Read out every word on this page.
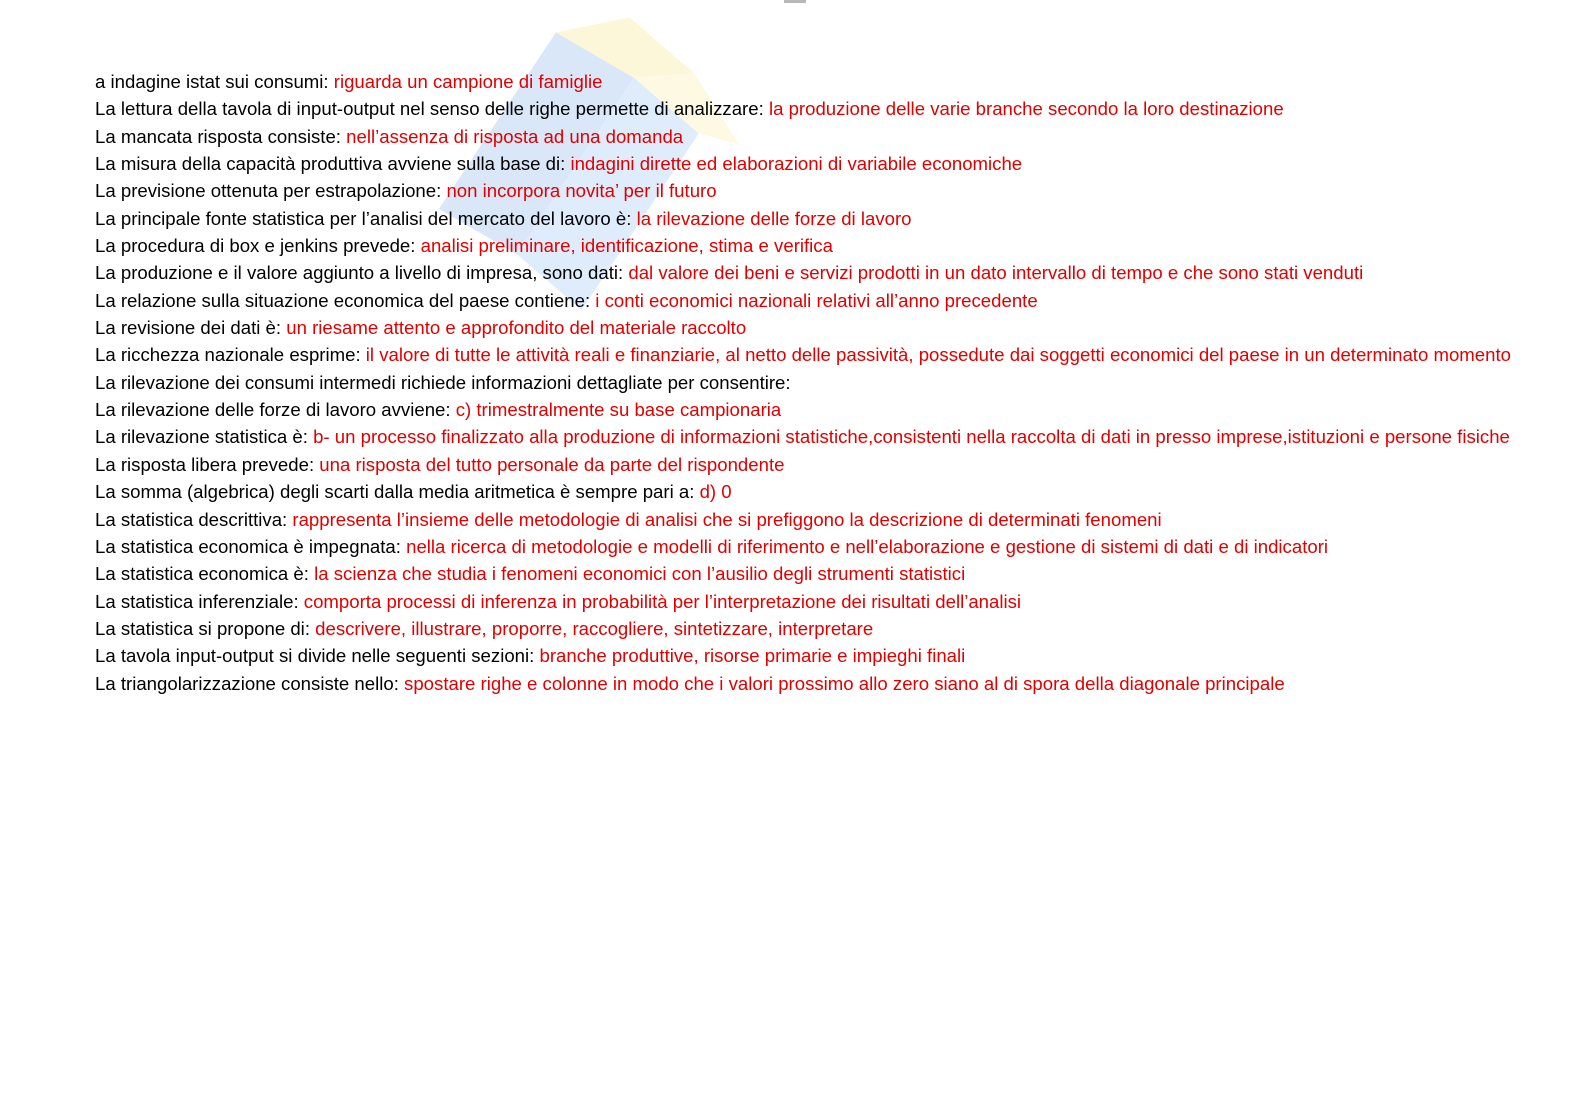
a indagine istat sui consumi: riguarda un campione di famiglie

La lettura della tavola di input-output nel senso delle righe permette di analizzare: la produzione delle varie branche secondo la loro destinazione

La mancata risposta consiste: nell’assenza di risposta ad una domanda

La misura della capacità produttiva avviene sulla base di: indagini dirette ed elaborazioni di variabile economiche

La previsione ottenuta per estrapolazione: non incorpora novita’ per il futuro

La principale fonte statistica per l’analisi del mercato del lavoro è: la rilevazione delle forze di lavoro

La procedura di box e jenkins prevede: analisi preliminare, identificazione, stima e verifica

La produzione e il valore aggiunto a livello di impresa, sono dati: dal valore dei beni e servizi prodotti in un dato intervallo di tempo e che sono stati venduti

La relazione sulla situazione economica del paese contiene: i conti economici nazionali relativi all’anno precedente

La revisione dei dati è: un riesame attento e approfondito del materiale raccolto

La ricchezza nazionale esprime: il valore di tutte le attività reali e finanziarie, al netto delle passività, possedute dai soggetti economici del paese in un determinato momento

La rilevazione dei consumi intermedi richiede informazioni dettagliate per consentire:

La rilevazione delle forze di lavoro avviene: c) trimestralmente su base campionaria

La rilevazione statistica è: b- un processo finalizzato alla produzione di informazioni statistiche,consistenti nella raccolta di dati in presso imprese,istituzioni e persone fisiche

La risposta libera prevede: una risposta del tutto personale da parte del rispondente

La somma (algebrica) degli scarti dalla media aritmetica è sempre pari a: d) 0

La statistica descrittiva: rappresenta l’insieme delle metodologie di analisi che si prefiggono la descrizione di determinati fenomeni

La statistica economica è impegnata: nella ricerca di metodologie e modelli di riferimento e nell’elaborazione e gestione di sistemi di dati e di indicatori

La statistica economica è: la scienza che studia i fenomeni economici con l’ausilio degli strumenti statistici

La statistica inferenziale: comporta processi di inferenza in probabilità per l’interpretazione dei risultati dell’analisi

La statistica si propone di: descrivere, illustrare, proporre, raccogliere, sintetizzare, interpretare

La tavola input-output si divide nelle seguenti sezioni: branche produttive, risorse primarie e impieghi finali

La triangolarizzazione consiste nello: spostare righe e colonne in modo che i valori prossimo allo zero siano al di spora della diagonale principale
